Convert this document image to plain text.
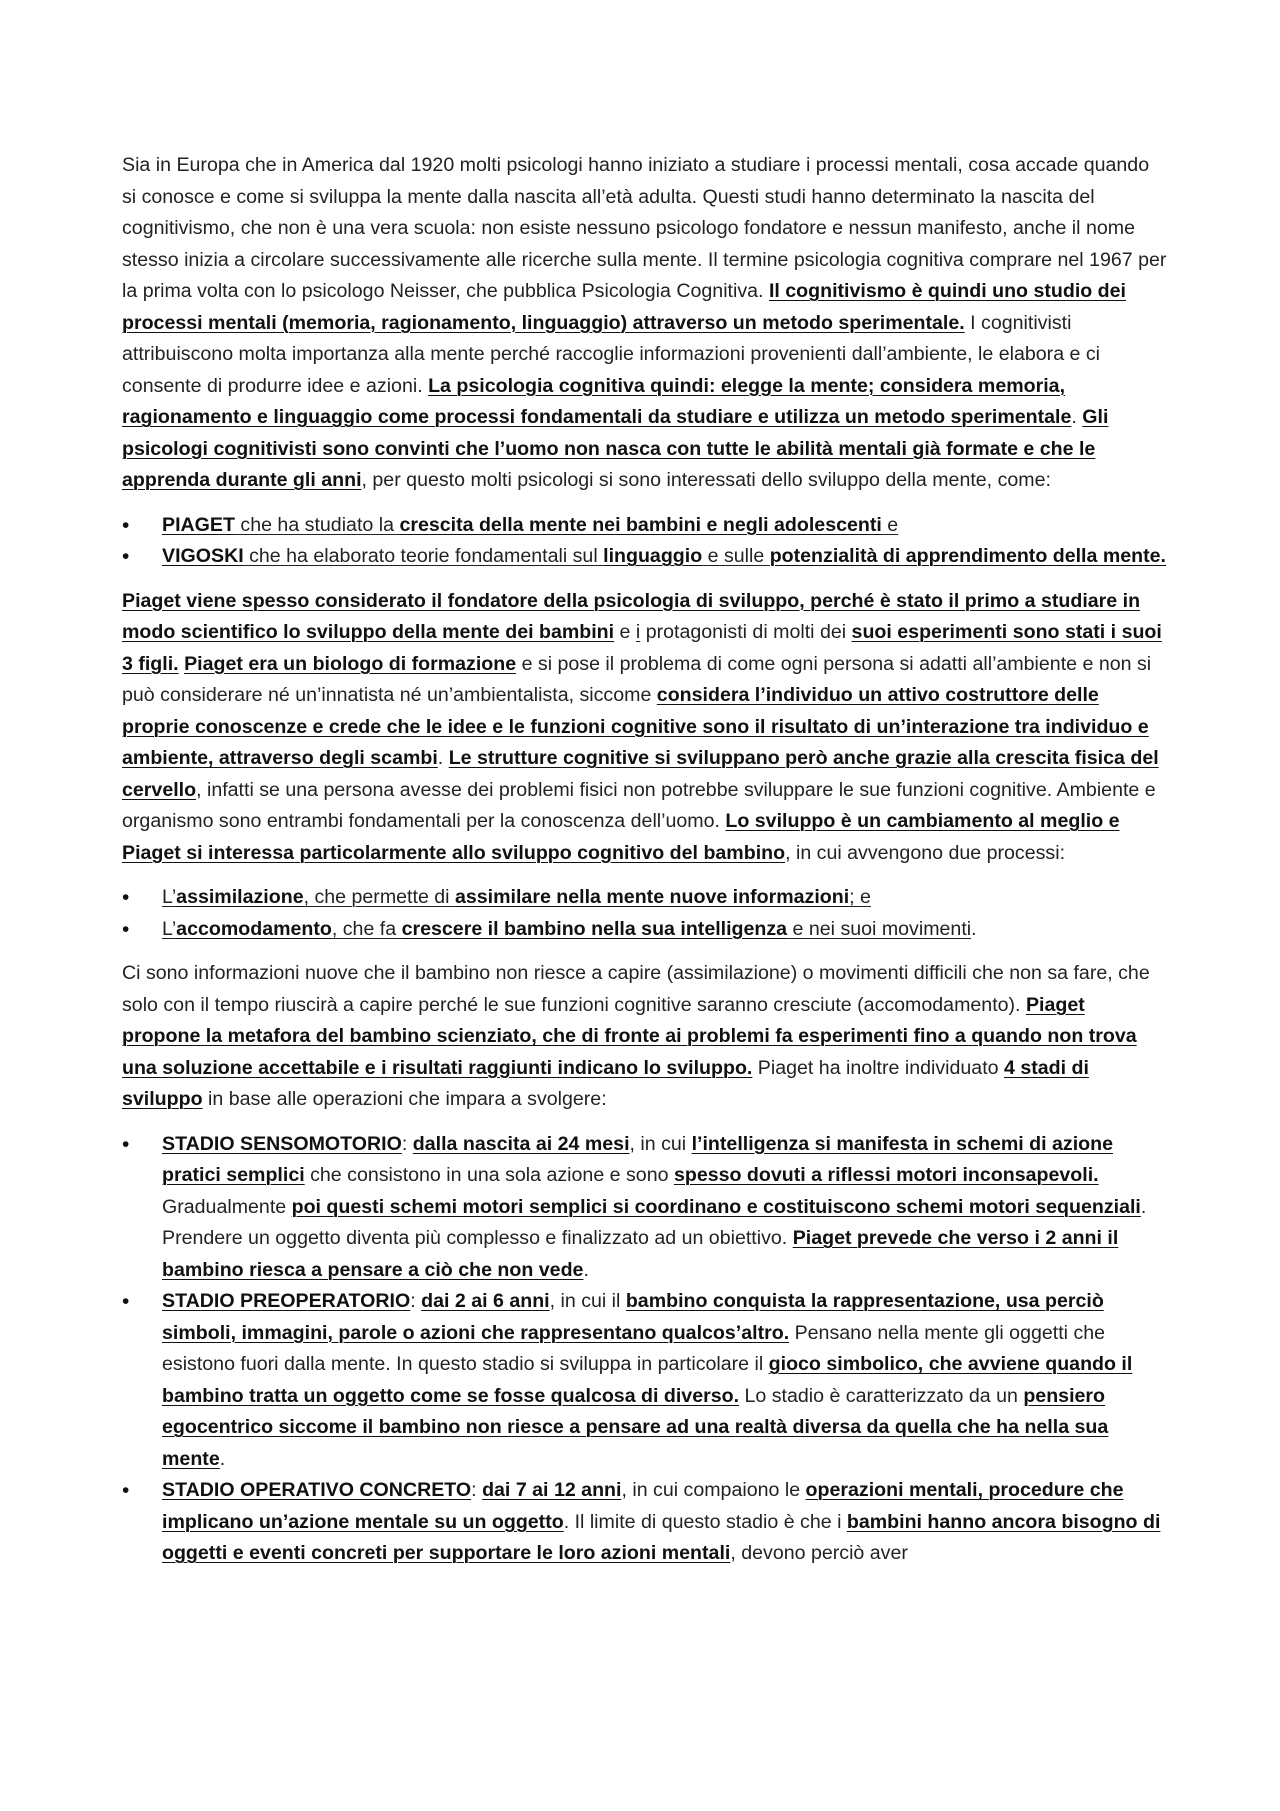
Sia in Europa che in America dal 1920 molti psicologi hanno iniziato a studiare i processi mentali, cosa accade quando si conosce e come si sviluppa la mente dalla nascita all’età adulta. Questi studi hanno determinato la nascita del cognitivismo, che non è una vera scuola: non esiste nessuno psicologo fondatore e nessun manifesto, anche il nome stesso inizia a circolare successivamente alle ricerche sulla mente. Il termine psicologia cognitiva comprare nel 1967 per la prima volta con lo psicologo Neisser, che pubblica Psicologia Cognitiva. Il cognitivismo è quindi uno studio dei processi mentali (memoria, ragionamento, linguaggio) attraverso un metodo sperimentale. I cognitivisti attribuiscono molta importanza alla mente perché raccoglie informazioni provenienti dall’ambiente, le elabora e ci consente di produrre idee e azioni. La psicologia cognitiva quindi: elegge la mente; considera memoria, ragionamento e linguaggio come processi fondamentali da studiare e utilizza un metodo sperimentale. Gli psicologi cognitivisti sono convinti che l’uomo non nasca con tutte le abilità mentali già formate e che le apprenda durante gli anni, per questo molti psicologi si sono interessati dello sviluppo della mente, come:

• PIAGET che ha studiato la crescita della mente nei bambini e negli adolescenti e
• VIGOSKI che ha elaborato teorie fondamentali sul linguaggio e sulle potenzialità di apprendimento della mente.

Piaget viene spesso considerato il fondatore della psicologia di sviluppo, perché è stato il primo a studiare in modo scientifico lo sviluppo della mente dei bambini e i protagonisti di molti dei suoi esperimenti sono stati i suoi 3 figli. Piaget era un biologo di formazione e si pose il problema di come ogni persona si adatti all’ambiente e non si può considerare né un’innatista né un’ambientalista, siccome considera l’individuo un attivo costruttore delle proprie conoscenze e crede che le idee e le funzioni cognitive sono il risultato di un’interazione tra individuo e ambiente, attraverso degli scambi. Le strutture cognitive si sviluppano però anche grazie alla crescita fisica del cervello, infatti se una persona avesse dei problemi fisici non potrebbe sviluppare le sue funzioni cognitive. Ambiente e organismo sono entrambi fondamentali per la conoscenza dell’uomo. Lo sviluppo è un cambiamento al meglio e Piaget si interessa particolarmente allo sviluppo cognitivo del bambino, in cui avvengono due processi:

• L’assimilazione, che permette di assimilare nella mente nuove informazioni; e
• L’accomodamento, che fa crescere il bambino nella sua intelligenza e nei suoi movimenti.

Ci sono informazioni nuove che il bambino non riesce a capire (assimilazione) o movimenti difficili che non sa fare, che solo con il tempo riuscirà a capire perché le sue funzioni cognitive saranno cresciute (accomodamento). Piaget propone la metafora del bambino scienziato, che di fronte ai problemi fa esperimenti fino a quando non trova una soluzione accettabile e i risultati raggiunti indicano lo sviluppo. Piaget ha inoltre individuato 4 stadi di sviluppo in base alle operazioni che impara a svolgere:

• STADIO SENSOMOTORIO: dalla nascita ai 24 mesi, in cui l’intelligenza si manifesta in schemi di azione pratici semplici che consistono in una sola azione e sono spesso dovuti a riflessi motori inconsapevoli. Gradualmente poi questi schemi motori semplici si coordinano e costituiscono schemi motori sequenziali. Prendere un oggetto diventa più complesso e finalizzato ad un obiettivo. Piaget prevede che verso i 2 anni il bambino riesca a pensare a ciò che non vede.
• STADIO PREOPERATORIO: dai 2 ai 6 anni, in cui il bambino conquista la rappresentazione, usa perciò simboli, immagini, parole o azioni che rappresentano qualcos’altro. Pensano nella mente gli oggetti che esistono fuori dalla mente. In questo stadio si sviluppa in particolare il gioco simbolico, che avviene quando il bambino tratta un oggetto come se fosse qualcosa di diverso. Lo stadio è caratterizzato da un pensiero egocentrico siccome il bambino non riesce a pensare ad una realtà diversa da quella che ha nella sua mente.
• STADIO OPERATIVO CONCRETO: dai 7 ai 12 anni, in cui compaiono le operazioni mentali, procedure che implicano un’azione mentale su un oggetto. Il limite di questo stadio è che i bambini hanno ancora bisogno di oggetti e eventi concreti per supportare le loro azioni mentali, devono perciò aver
